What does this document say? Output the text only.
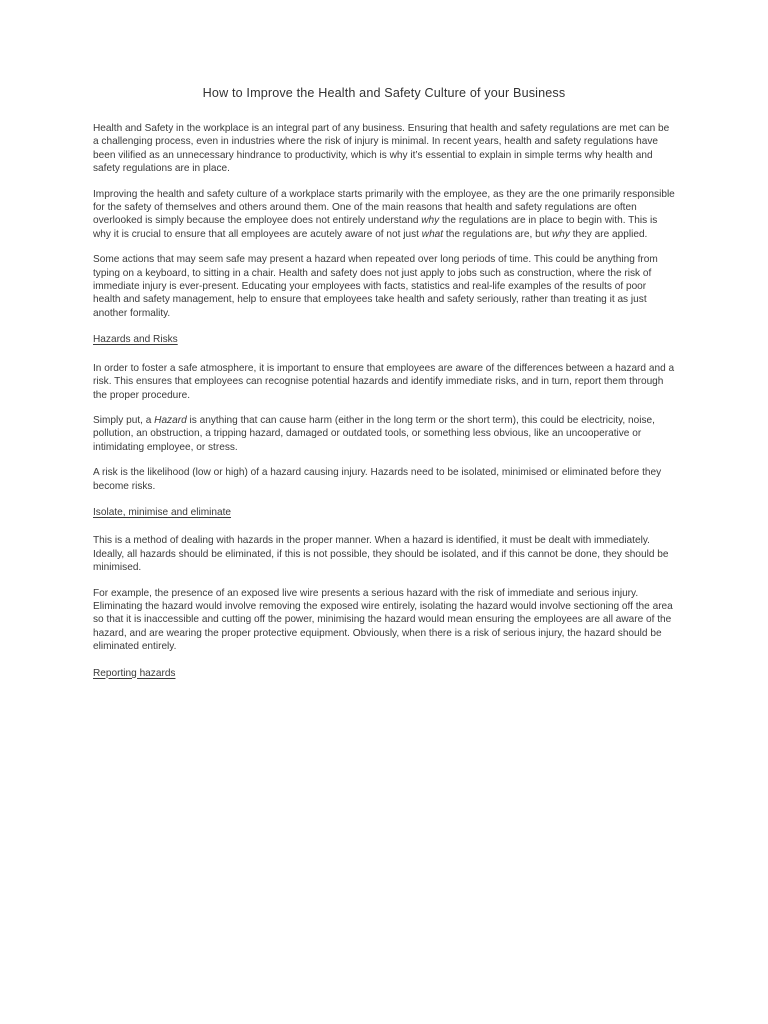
How to Improve the Health and Safety Culture of your Business

Health and Safety in the workplace is an integral part of any business. Ensuring that health and safety regulations are met can be a challenging process, even in industries where the risk of injury is minimal. In recent years, health and safety regulations have been vilified as an unnecessary hindrance to productivity, which is why it’s essential to explain in simple terms why health and safety regulations are in place.

Improving the health and safety culture of a workplace starts primarily with the employee, as they are the one primarily responsible for the safety of themselves and others around them. One of the main reasons that health and safety regulations are often overlooked is simply because the employee does not entirely understand why the regulations are in place to begin with. This is why it is crucial to ensure that all employees are acutely aware of not just what the regulations are, but why they are applied.

Some actions that may seem safe may present a hazard when repeated over long periods of time. This could be anything from typing on a keyboard, to sitting in a chair. Health and safety does not just apply to jobs such as construction, where the risk of immediate injury is ever-present. Educating your employees with facts, statistics and real-life examples of the results of poor health and safety management, help to ensure that employees take health and safety seriously, rather than treating it as just another formality.

Hazards and Risks

In order to foster a safe atmosphere, it is important to ensure that employees are aware of the differences between a hazard and a risk. This ensures that employees can recognise potential hazards and identify immediate risks, and in turn, report them through the proper procedure.

Simply put, a Hazard is anything that can cause harm (either in the long term or the short term), this could be electricity, noise, pollution, an obstruction, a tripping hazard, damaged or outdated tools, or something less obvious, like an uncooperative or intimidating employee, or stress.

A risk is the likelihood (low or high) of a hazard causing injury. Hazards need to be isolated, minimised or eliminated before they become risks.

Isolate, minimise and eliminate

This is a method of dealing with hazards in the proper manner. When a hazard is identified, it must be dealt with immediately. Ideally, all hazards should be eliminated, if this is not possible, they should be isolated, and if this cannot be done, they should be minimised.

For example, the presence of an exposed live wire presents a serious hazard with the risk of immediate and serious injury. Eliminating the hazard would involve removing the exposed wire entirely, isolating the hazard would involve sectioning off the area so that it is inaccessible and cutting off the power, minimising the hazard would mean ensuring the employees are all aware of the hazard, and are wearing the proper protective equipment. Obviously, when there is a risk of serious injury, the hazard should be eliminated entirely.

Reporting hazards
